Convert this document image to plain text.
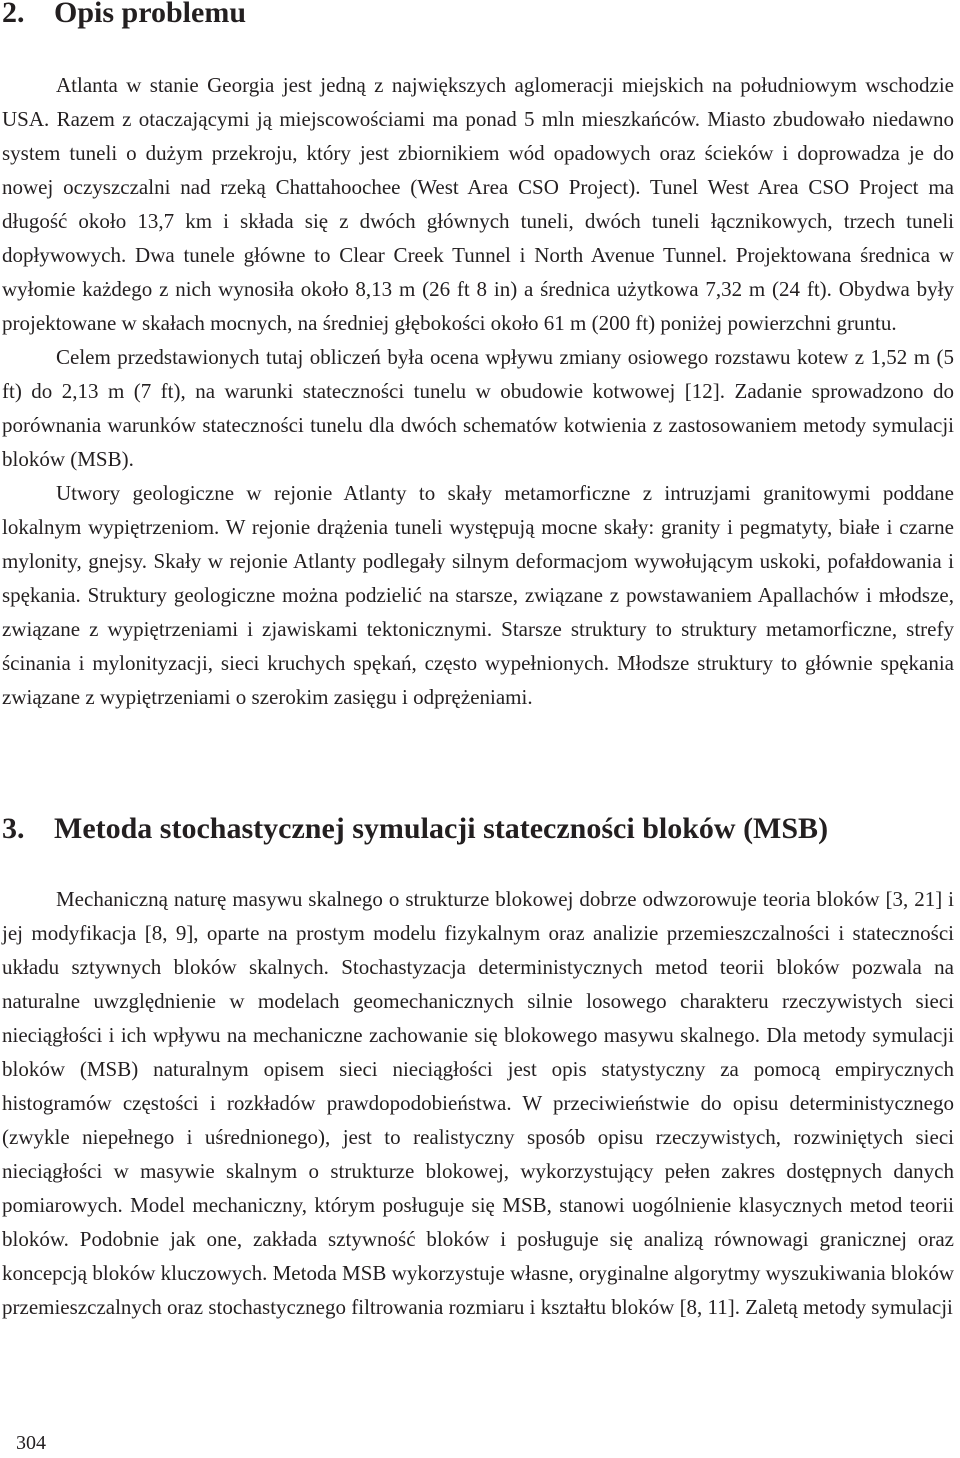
2. Opis problemu

Atlanta w stanie Georgia jest jedną z największych aglomeracji miejskich na południowym wschodzie USA. Razem z otaczającymi ją miejscowościami ma ponad 5 mln mieszkańców. Miasto zbudowało niedawno system tuneli o dużym przekroju, który jest zbiornikiem wód opadowych oraz ścieków i doprowadza je do nowej oczyszczalni nad rzeką Chattahoochee (West Area CSO Project). Tunel West Area CSO Project ma długość około 13,7 km i składa się z dwóch głównych tuneli, dwóch tuneli łącznikowych, trzech tuneli dopływowych. Dwa tunele główne to Clear Creek Tunnel i North Avenue Tunnel. Projektowana średnica w wyłomie każdego z nich wynosiła około 8,13 m (26 ft 8 in) a średnica użytkowa 7,32 m (24 ft). Obydwa były projektowane w skałach mocnych, na średniej głębokości około 61 m (200 ft) poniżej powierzchni gruntu.

Celem przedstawionych tutaj obliczeń była ocena wpływu zmiany osiowego rozstawu kotew z 1,52 m (5 ft) do 2,13 m (7 ft), na warunki stateczności tunelu w obudowie kotwowej [12]. Zadanie sprowadzono do porównania warunków stateczności tunelu dla dwóch schematów kotwienia z zastosowaniem metody symulacji bloków (MSB).

Utwory geologiczne w rejonie Atlanty to skały metamorficzne z intruzjami granitowymi poddane lokalnym wypiętrzeniom. W rejonie drążenia tuneli występują mocne skały: granity i pegmatyty, białe i czarne mylonity, gnejsy. Skały w rejonie Atlanty podlegały silnym deformacjom wywołującym uskoki, pofałdowania i spękania. Struktury geologiczne można podzielić na starsze, związane z powstawaniem Apallachów i młodsze, związane z wypiętrzeniami i zjawiskami tektonicznymi. Starsze struktury to struktury metamorficzne, strefy ścinania i mylonityzacji, sieci kruchych spękań, często wypełnionych. Młodsze struktury to głównie spękania związane z wypiętrzeniami o szerokim zasięgu i odprężeniami.

3. Metoda stochastycznej symulacji stateczności bloków (MSB)

Mechaniczną naturę masywu skalnego o strukturze blokowej dobrze odwzorowuje teoria bloków [3, 21] i jej modyfikacja [8, 9], oparte na prostym modelu fizykalnym oraz analizie przemieszczalności i stateczności układu sztywnych bloków skalnych. Stochastyzacja deterministycznych metod teorii bloków pozwala na naturalne uwzględnienie w modelach geomechanicznych silnie losowego charakteru rzeczywistych sieci nieciągłości i ich wpływu na mechaniczne zachowanie się blokowego masywu skalnego. Dla metody symulacji bloków (MSB) naturalnym opisem sieci nieciągłości jest opis statystyczny za pomocą empirycznych histogramów częstości i rozkładów prawdopodobieństwa. W przeciwieństwie do opisu deterministycznego (zwykle niepełnego i uśrednionego), jest to realistyczny sposób opisu rzeczywistych, rozwiniętych sieci nieciągłości w masywie skalnym o strukturze blokowej, wykorzystujący pełen zakres dostępnych danych pomiarowych. Model mechaniczny, którym posługuje się MSB, stanowi uogólnienie klasycznych metod teorii bloków. Podobnie jak one, zakłada sztywność bloków i posługuje się analizą równowagi granicznej oraz koncepcją bloków kluczowych. Metoda MSB wykorzystuje własne, oryginalne algorytmy wyszukiwania bloków przemieszczalnych oraz stochastycznego filtrowania rozmiaru i kształtu bloków [8, 11]. Zaletą metody symulacji

304
